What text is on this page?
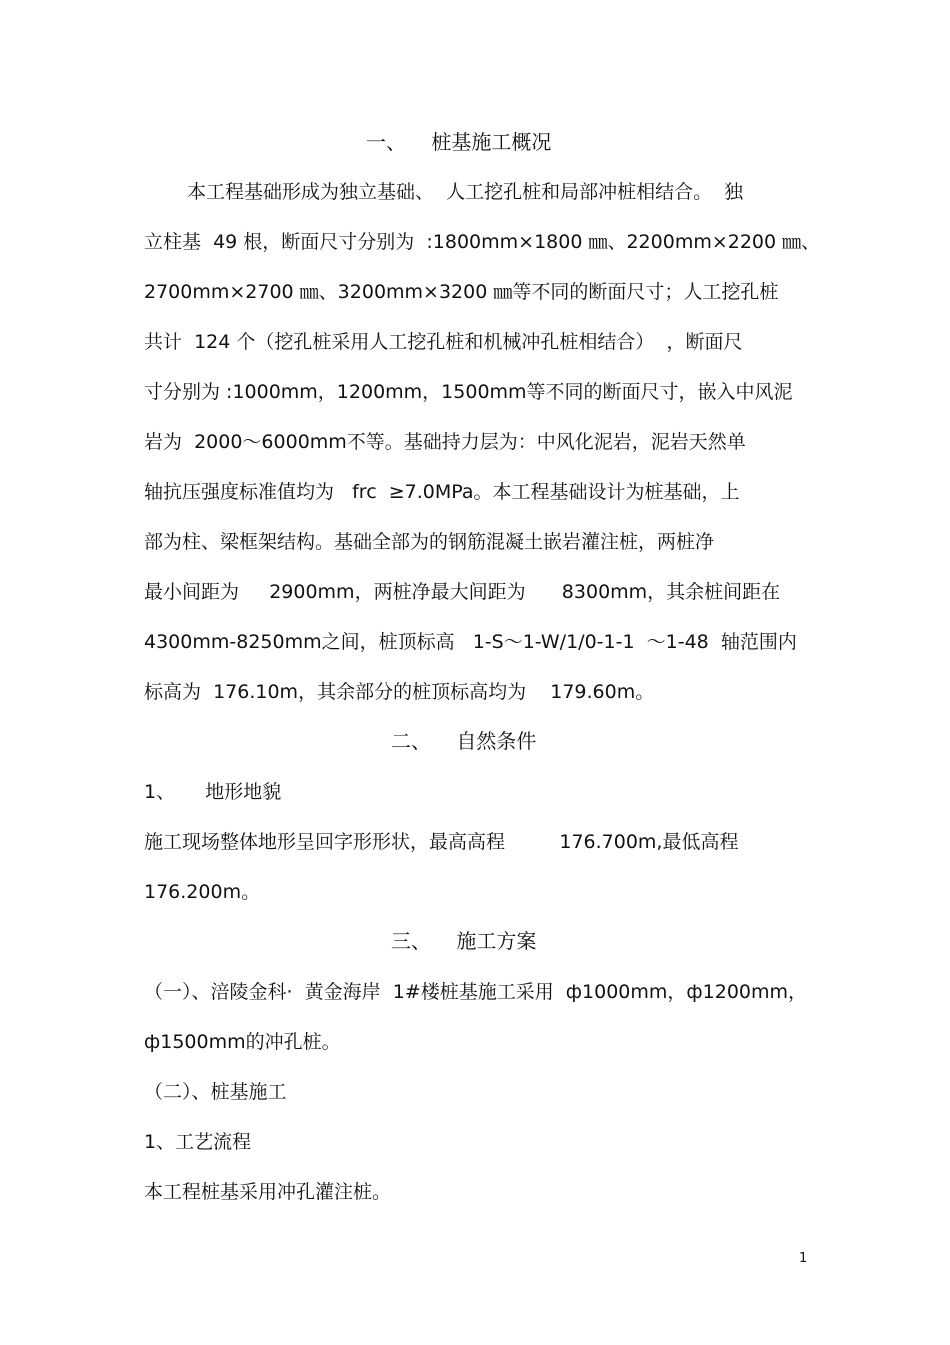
一、    桩基施工概况
本工程基础形成为独立基础、  人工挖孔桩和局部冲桩相结合。  独
立柱基  49 根，断面尺寸分别为  :1800mm×1800 ㎜、2200mm×2200 ㎜、
2700mm×2700 ㎜、3200mm×3200 ㎜等不同的断面尺寸；人工挖孔桩
共计  124 个（挖孔桩采用人工挖孔桩和机械冲孔桩相结合）  ，断面尺
寸分别为 :1000mm，1200mm，1500mm等不同的断面尺寸，嵌入中风泥
岩为  2000～6000mm不等。基础持力层为：中风化泥岩，泥岩天然单
轴抗压强度标准值均为   frc  ≥7.0MPa。本工程基础设计为桩基础，上
部为柱、梁框架结构。基础全部为的钢筋混凝土嵌岩灌注桩，两桩净
最小间距为     2900mm，两桩净最大间距为      8300mm，其余桩间距在
4300mm-8250mm之间，桩顶标高   1-S～1-W/1/0-1-1  ～1-48  轴范围内
标高为  176.10m，其余部分的桩顶标高均为    179.60m。
二、    自然条件
1、     地形地貌
施工现场整体地形呈回字形形状，最高高程         176.700m,最低高程
176.200m。
三、    施工方案
（一）、涪陵金科·  黄金海岸  1#楼桩基施工采用  ф1000mm，ф1200mm，
ф1500mm的冲孔桩。
（二）、桩基施工
1、工艺流程
本工程桩基采用冲孔灌注桩。
1
